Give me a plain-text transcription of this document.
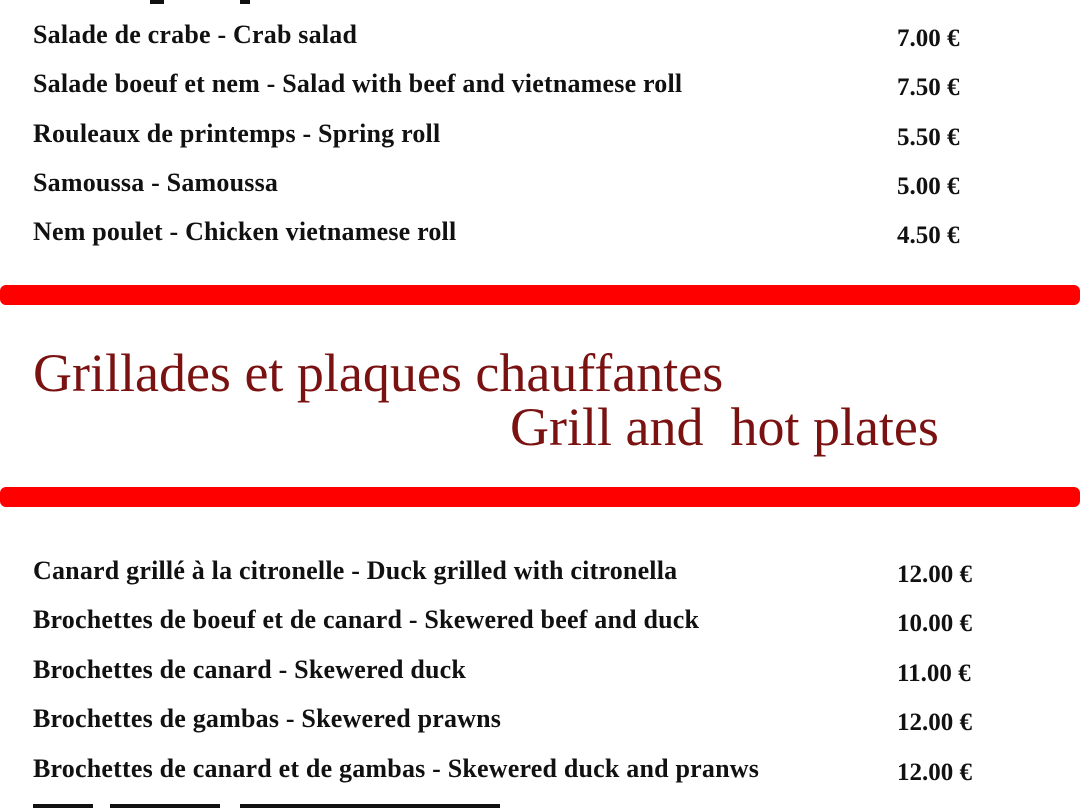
Salade de crabe - Crab salad	7.00 €
Salade boeuf et nem - Salad with beef and vietnamese roll	7.50 €
Rouleaux de printemps - Spring roll	5.50 €
Samoussa - Samoussa	5.00 €
Nem poulet - Chicken vietnamese roll	4.50 €
Grillades et plaques chauffantes
Grill and  hot plates
Canard grillé à la citronelle - Duck grilled with citronella	12.00 €
Brochettes de boeuf et de canard - Skewered beef and duck	10.00 €
Brochettes de canard - Skewered duck	11.00 €
Brochettes de gambas - Skewered prawns	12.00 €
Brochettes de canard et de gambas - Skewered duck and pranws	12.00 €
